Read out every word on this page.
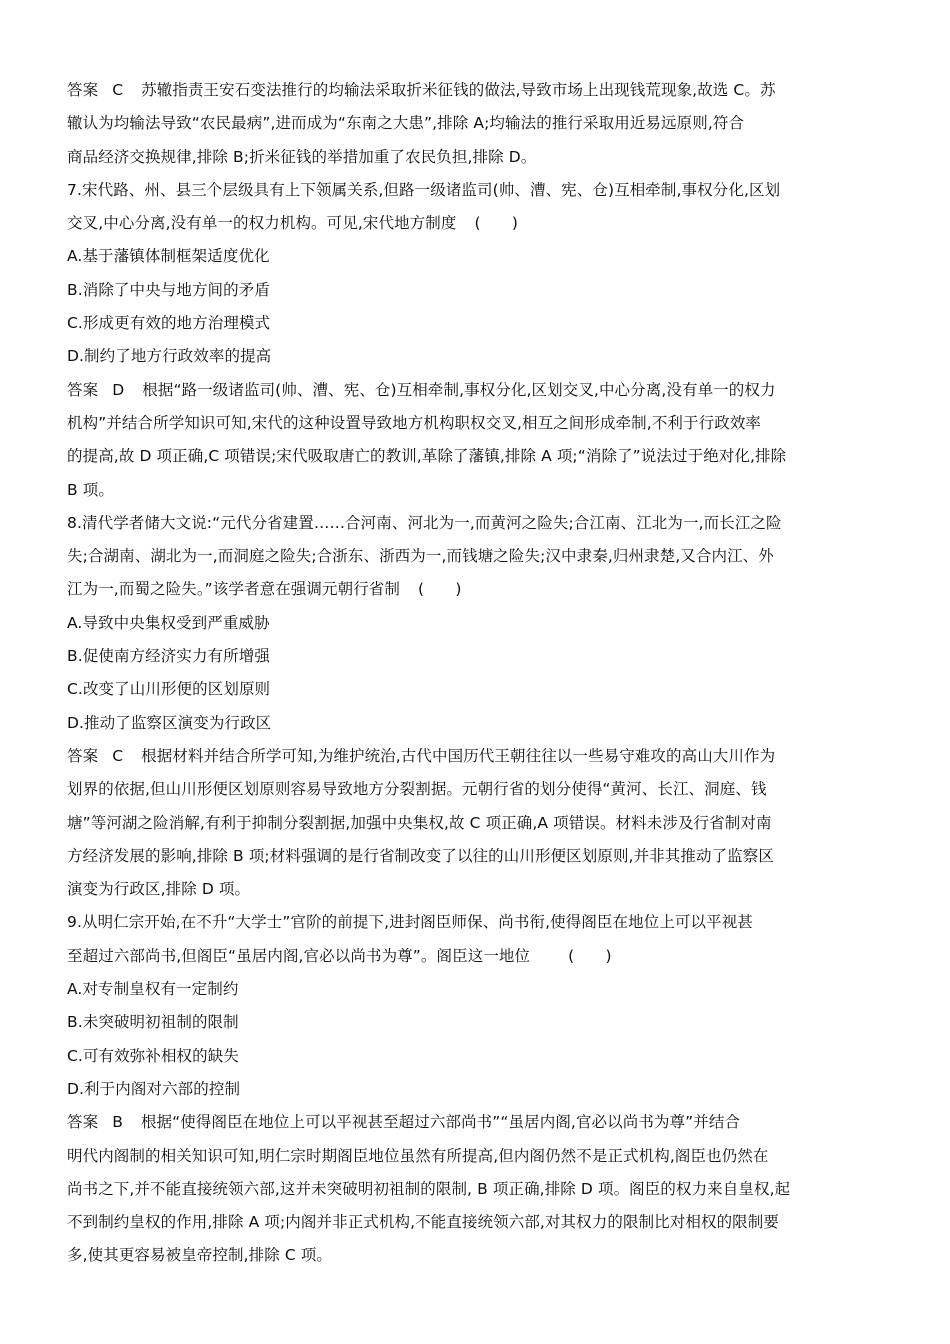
答案 C 苏辙指责王安石变法推行的均输法采取折米征钱的做法,导致市场上出现钱荒现象,故选 C。苏
辙认为均输法导致“农民最病”,进而成为“东南之大患”,排除 A;均输法的推行采取用近易远原则,符合
商品经济交换规律,排除 B;折米征钱的举措加重了农民负担,排除 D。
7.宋代路、州、县三个层级具有上下领属关系,但路一级诸监司(帅、漕、宪、仓)互相牵制,事权分化,区划
交叉,中心分离,没有单一的权力机构。可见,宋代地方制度 (　　)
A.基于藩镇体制框架适度优化
B.消除了中央与地方间的矛盾
C.形成更有效的地方治理模式
D.制约了地方行政效率的提高
答案 D 根据“路一级诸监司(帅、漕、宪、仓)互相牵制,事权分化,区划交叉,中心分离,没有单一的权力
机构”并结合所学知识可知,宋代的这种设置导致地方机构职权交叉,相互之间形成牵制,不利于行政效率
的提高,故 D 项正确,C 项错误;宋代吸取唐亡的教训,革除了藩镇,排除 A 项;“消除了”说法过于绝对化,排除
B 项。
8.清代学者储大文说:“元代分省建置……合河南、河北为一,而黄河之险失;合江南、江北为一,而长江之险
失;合湖南、湖北为一,而洞庭之险失;合浙东、浙西为一,而钱塘之险失;汉中隶秦,归州隶楚,又合内江、外
江为一,而蜀之险失。”该学者意在强调元朝行省制 (　　)
A.导致中央集权受到严重威胁
B.促使南方经济实力有所增强
C.改变了山川形便的区划原则
D.推动了监察区演变为行政区
答案 C 根据材料并结合所学可知,为维护统治,古代中国历代王朝往往以一些易守难攻的高山大川作为
划界的依据,但山川形便区划原则容易导致地方分裂割据。元朝行省的划分使得“黄河、长江、洞庭、钱
塘”等河湖之险消解,有利于抑制分裂割据,加强中央集权,故 C 项正确,A 项错误。材料未涉及行省制对南
方经济发展的影响,排除 B 项;材料强调的是行省制改变了以往的山川形便区划原则,并非其推动了监察区
演变为行政区,排除 D 项。
9.从明仁宗开始,在不升“大学士”官阶的前提下,进封阁臣师保、尚书衔,使得阁臣在地位上可以平视甚
至超过六部尚书,但阁臣“虽居内阁,官必以尚书为尊”。阁臣这一地位 (　　)
A.对专制皇权有一定制约
B.未突破明初祖制的限制
C.可有效弥补相权的缺失
D.利于内阁对六部的控制
答案 B 根据“使得阁臣在地位上可以平视甚至超过六部尚书”“虽居内阁,官必以尚书为尊”并结合
明代内阁制的相关知识可知,明仁宗时期阁臣地位虽然有所提高,但内阁仍然不是正式机构,阁臣也仍然在
尚书之下,并不能直接统领六部,这并未突破明初祖制的限制, B 项正确,排除 D 项。阁臣的权力来自皇权,起
不到制约皇权的作用,排除 A 项;内阁并非正式机构,不能直接统领六部,对其权力的限制比对相权的限制要
多,使其更容易被皇帝控制,排除 C 项。
